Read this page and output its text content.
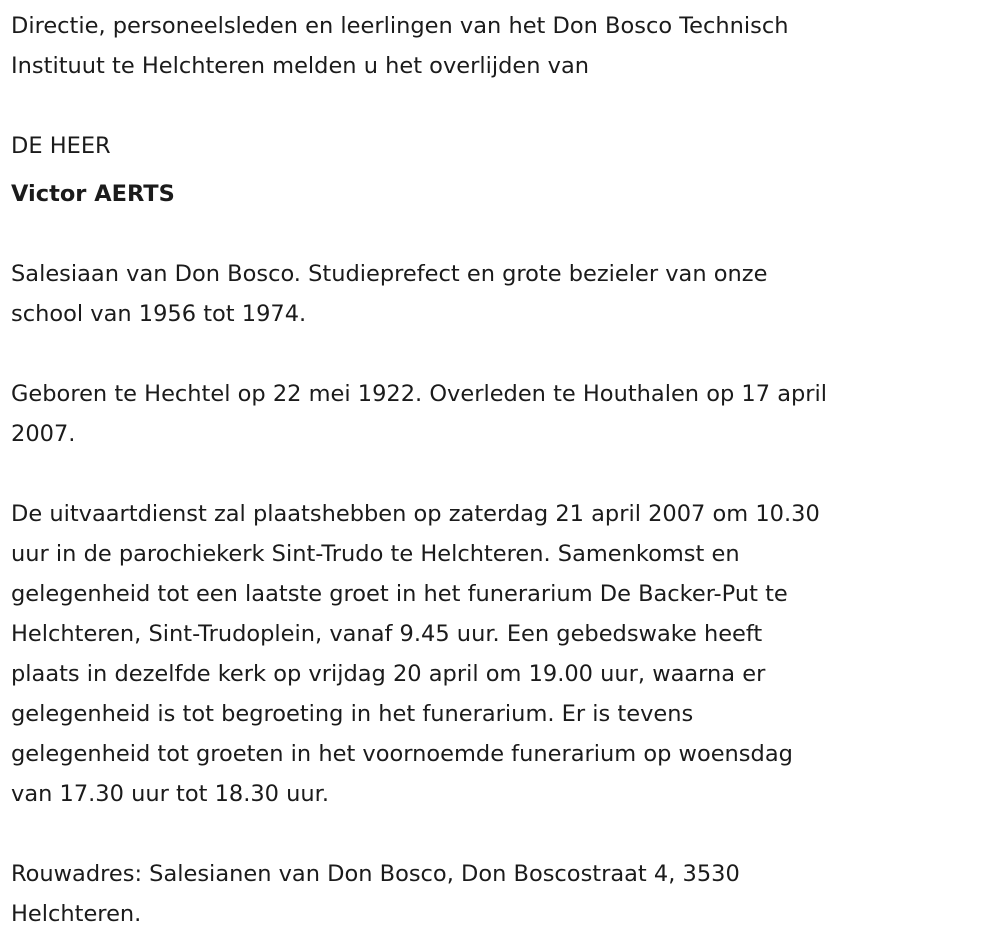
Directie, personeelsleden en leerlingen van het Don Bosco Technisch
Instituut te Helchteren melden u het overlijden van
DE HEER
Victor AERTS
Salesiaan van Don Bosco. Studieprefect en grote bezieler van onze
school van 1956 tot 1974.
Geboren te Hechtel op 22 mei 1922. Overleden te Houthalen op 17 april
2007.
De uitvaartdienst zal plaatshebben op zaterdag 21 april 2007 om 10.30
uur in de parochiekerk Sint-Trudo te Helchteren. Samenkomst en
gelegenheid tot een laatste groet in het funerarium De Backer-Put te
Helchteren, Sint-Trudoplein, vanaf 9.45 uur. Een gebedswake heeft
plaats in dezelfde kerk op vrijdag 20 april om 19.00 uur, waarna er
gelegenheid is tot begroeting in het funerarium. Er is tevens
gelegenheid tot groeten in het voornoemde funerarium op woensdag
van 17.30 uur tot 18.30 uur.
Rouwadres: Salesianen van Don Bosco, Don Boscostraat 4, 3530
Helchteren.
